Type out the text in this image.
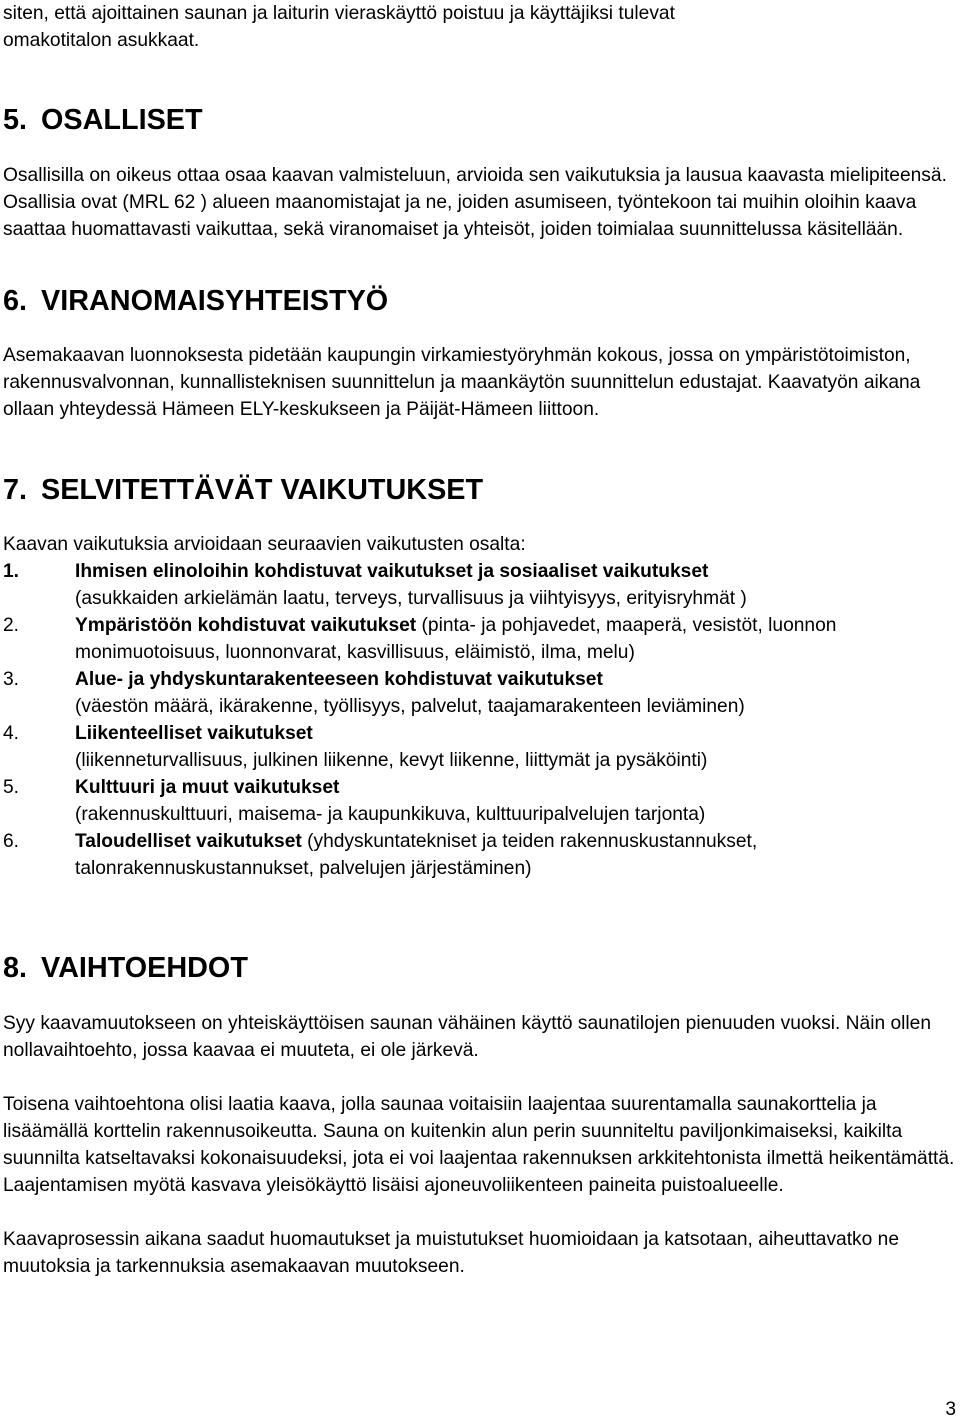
siten, että ajoittainen saunan ja laiturin vieraskäyttö poistuu ja käyttäjiksi tulevat
omakotitalon asukkaat.

5. OSALLISET

Osallisilla on oikeus ottaa osaa kaavan valmisteluun, arvioida sen vaikutuksia ja lausua kaavasta mielipiteensä.

Osallisia ovat (MRL 62 ) alueen maanomistajat ja ne, joiden asumiseen, työntekoon tai muihin oloihin kaava saattaa huomattavasti vaikuttaa, sekä viranomaiset ja yhteisöt, joiden toimialaa suunnittelussa käsitellään.

6. VIRANOMAISYHTEISTYÖ

Asemakaavan luonnoksesta pidetään kaupungin virkamiestyöryhmän kokous, jossa on ympäristötoimiston, rakennusvalvonnan, kunnallisteknisen suunnittelun ja maankäytön suunnittelun edustajat. Kaavatyön aikana ollaan yhteydessä Hämeen ELY-keskukseen ja Päijät-Hämeen liittoon.

7. SELVITETTÄVÄT VAIKUTUKSET

Kaavan vaikutuksia arvioidaan seuraavien vaikutusten osalta:

1.	Ihmisen elinoloihin kohdistuvat vaikutukset ja sosiaaliset vaikutukset
(asukkaiden arkielämän laatu, terveys, turvallisuus ja viihtyisyys, erityisryhmät )
2.	Ympäristöön kohdistuvat vaikutukset (pinta- ja pohjavedet, maaperä, vesistöt, luonnon monimuotoisuus, luonnonvarat, kasvillisuus, eläimistö, ilma, melu)
3.	Alue- ja yhdyskuntarakenteeseen kohdistuvat vaikutukset
(väestön määrä, ikärakenne, työllisyys, palvelut, taajamarakenteen leviäminen)
4.	Liikenteelliset vaikutukset
(liikenneturvallisuus, julkinen liikenne, kevyt liikenne, liittymät ja pysäköinti)
5.	Kulttuuri ja muut vaikutukset
(rakennuskulttuuri, maisema- ja kaupunkikuva, kulttuuripalvelujen tarjonta)
6.	Taloudelliset vaikutukset (yhdyskuntatekniset ja teiden rakennuskustannukset, talonrakennuskustannukset, palvelujen järjestäminen)
8. VAIHTOEHDOT

Syy kaavamuutokseen on yhteiskäyttöisen saunan vähäinen käyttö saunatilojen pienuuden vuoksi. Näin ollen nollavaihtoehto, jossa kaavaa ei muuteta, ei ole järkevä.

Toisena vaihtoehtona olisi laatia kaava, jolla saunaa voitaisiin laajentaa suurentamalla saunakorttelia ja lisäämällä korttelin rakennusoikeutta. Sauna on kuitenkin alun perin suunniteltu paviljonkimaiseksi, kaikilta suunnilta katseltavaksi kokonaisuudeksi, jota ei voi laajentaa rakennuksen arkkitehtonista ilmettä heikentämättä. Laajentamisen myötä kasvava yleisökäyttö lisäisi ajoneuvoliikenteen paineita puistoalueelle.

Kaavaprosessin aikana saadut huomautukset ja muistutukset huomioidaan ja katsotaan, aiheuttavatko ne muutoksia ja tarkennuksia asemakaavan muutokseen.

3
